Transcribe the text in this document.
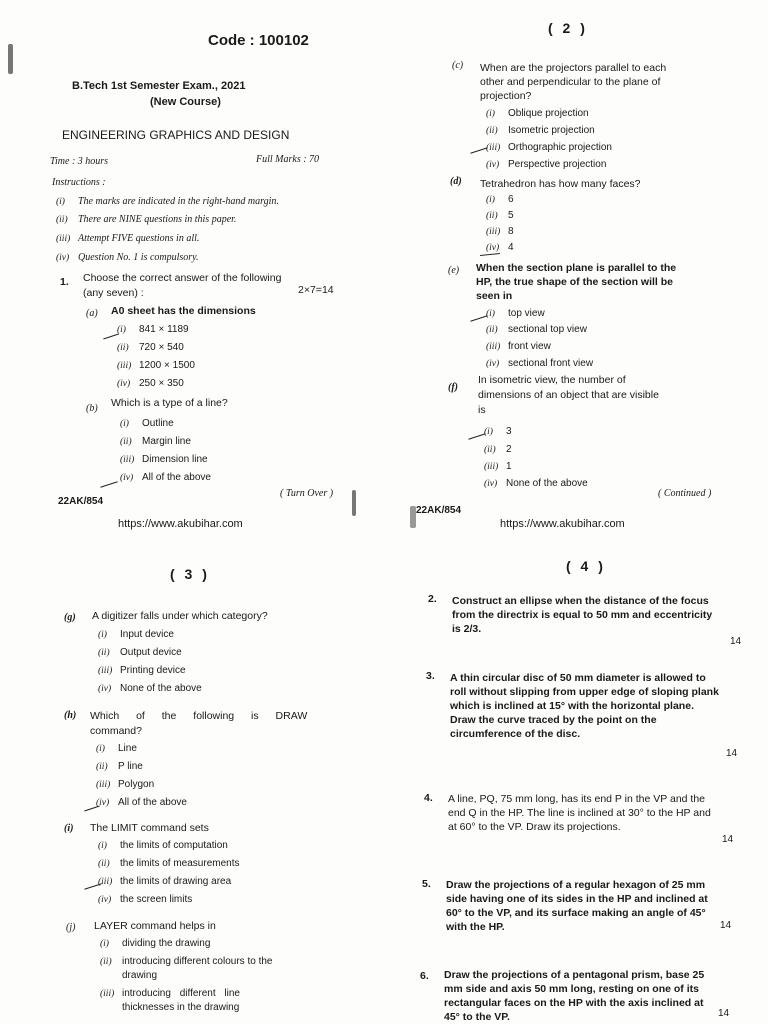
Code : 100102
B.Tech 1st Semester Exam., 2021
(New Course)
ENGINEERING GRAPHICS AND DESIGN
Time : 3 hours	Full Marks : 70
Instructions :
(i) The marks are indicated in the right-hand margin.
(ii) There are NINE questions in this paper.
(iii) Attempt FIVE questions in all.
(iv) Question No. 1 is compulsory.
1. Choose the correct answer of the following
(any seven) :	2×7=14
(a) A0 sheet has the dimensions
(i) 841 × 1189
(ii) 720 × 540
(iii) 1200 × 1500
(iv) 250 × 350
(b) Which is a type of a line?
(i) Outline
(ii) Margin line
(iii) Dimension line
(iv) All of the above
22AK/854
( Turn Over )
https://www.akubihar.com
( 2 )
(c) When are the projectors parallel to each
other and perpendicular to the plane of
projection?
(i) Oblique projection
(ii) Isometric projection
(iii) Orthographic projection
(iv) Perspective projection
(d) Tetrahedron has how many faces?
(i) 6
(ii) 5
(iii) 8
(iv) 4
(e) When the section plane is parallel to the
HP, the true shape of the section will be
seen in
(i) top view
(ii) sectional top view
(iii) front view
(iv) sectional front view
(f)
In isometric view, the number of
dimensions of an object that are visible
is
(i) 3
(ii) 2
(iii) 1
(iv) None of the above
( Continued )
22AK/854
https://www.akubihar.com
( 3 )
(g) A digitizer falls under which category?
(i) Input device
(ii) Output device
(iii) Printing device
(iv) None of the above
(h) Which of the following is DRAW
command?
(i) Line
(ii) P line
(iii) Polygon
(iv) All of the above
(i) The LIMIT command sets
(i) the limits of computation
(ii) the limits of measurements
(iii) the limits of drawing area
(iv) the screen limits
(j) LAYER command helps in
(i) dividing the drawing
(ii) introducing different colours to the
drawing
(iii) introducing different line
thicknesses in the drawing
( 4 )
2. Construct an ellipse when the distance of the focus from the directrix is equal to 50 mm and eccentricity is 2/3.
14
3. A thin circular disc of 50 mm diameter is allowed to roll without slipping from upper edge of sloping plank which is inclined at 15° with the horizontal plane. Draw the curve traced by the point on the circumference of the disc.
14
4. A line, PQ, 75 mm long, has its end P in the VP and the end Q in the HP. The line is inclined at 30° to the HP and at 60° to the VP. Draw its projections.
14
5. Draw the projections of a regular hexagon of 25 mm side having one of its sides in the HP and inclined at 60° to the VP, and its surface making an angle of 45° with the HP.	14
6. Draw the projections of a pentagonal prism, base 25 mm side and axis 50 mm long, resting on one of its rectangular faces on the HP with the axis inclined at 45° to the VP.	14
